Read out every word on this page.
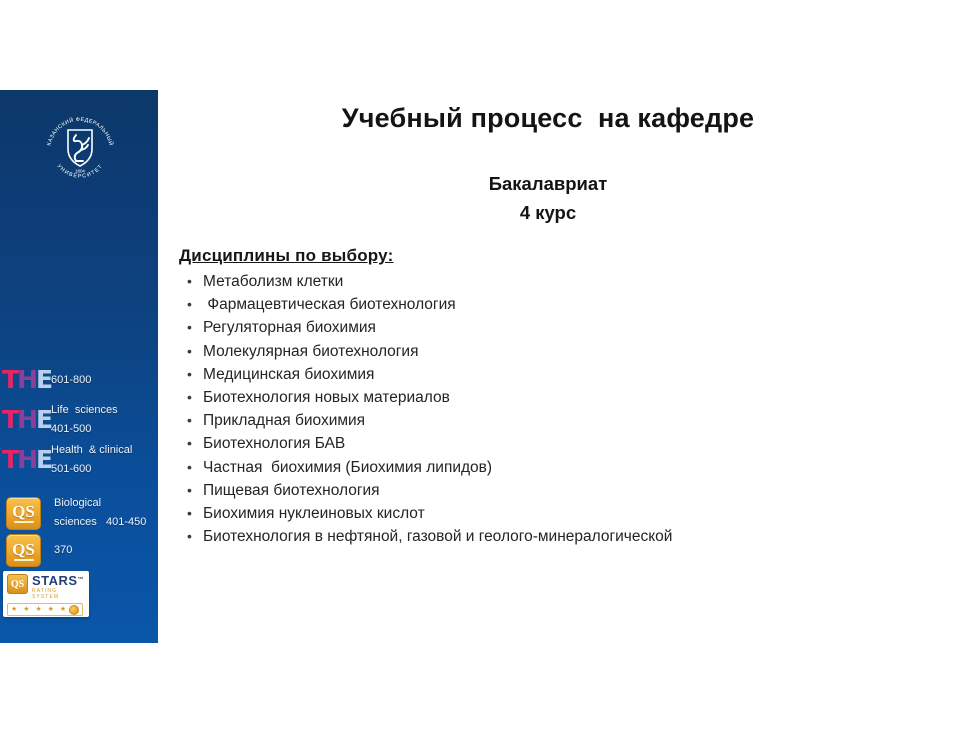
КАЗАНСКИЙ ФЕДЕРАЛЬНЫЙ
УНИВЕРСИТЕТ
1804
T H E 601-800
T H E Life  sciences
401-500
T H E Health  & clinical
501-600
QS Biological
sciences   401-450
QS 370
QS STARS™
RATING SYSTEM
★ ★ ★ ★ ★
Учебный процесс  на кафедре
Бакалавриат
4 курс
Дисциплины по выбору:
• Метаболизм клетки
• Фармацевтическая биотехнология
• Регуляторная биохимия
• Молекулярная биотехнология
• Медицинская биохимия
• Биотехнология новых материалов
• Прикладная биохимия
• Биотехнология БАВ
• Частная  биохимия (Биохимия липидов)
• Пищевая биотехнология
• Биохимия нуклеиновых кислот
• Биотехнология в нефтяной, газовой и геолого-минералогической
